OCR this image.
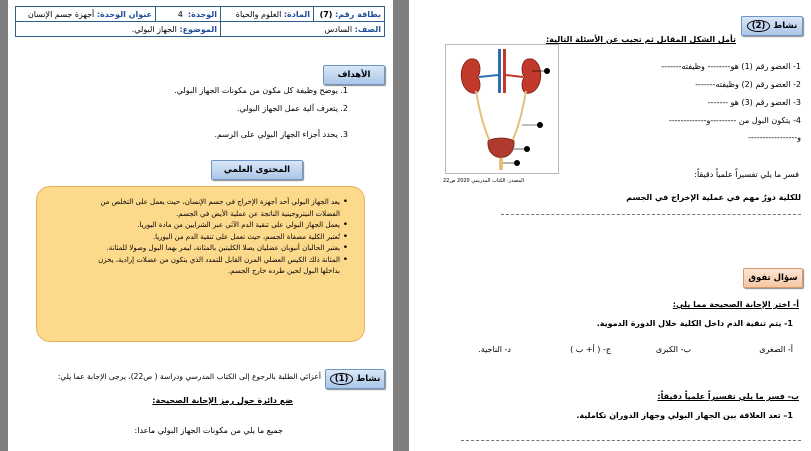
بطاقة رقم: (7)	المادة: العلوم والحياة	الوحدة:  4	عنوان الوحدة: أجهزة جسم الإنسان
الصف: السادس		الموضوع: الجهاز البولي.	
الأهداف
1. يوضح وظيفة كل مكون من مكونات الجهاز البولي.
2. يتعرف آلية عمل الجهاز البولي.
3. يحدد أجزاء الجهاز البولي على الرسم.
المحتوى العلمي
• يعد الجهاز البولي أحد أجهزة الإخراج في جسم الإنسان، حيث يعمل على التخلص من
الفضلات النيتروجينية الناتجة عن عملية الأيض في الجسم.
• يعمل الجهاز البولي على تنقية الدم الآتي عبر الشرايين من مادة اليوريا.
• تُعتبر الكلية مصفاة الجسم، حيث تعمل على تنقية الدم من اليوريا.
• يعتبر الحالبان أنبوبان عضليان يصلا الكليتين بالمثانة، ليمر بهما البول وصولا للمثانة.
• المثانة ذلك الكيس العضلي المرن القابل للتمدد الذي يتكون من عضلات إرادية، يخزن
بداخلها البول لحين طرده خارج الجسم.
نشاط

(1)
أعزائي الطلبة بالرجوع إلى الكتاب المدرسي ودراسة ( ص22)، يرجى الإجابة عما يلي:
ضع دائرة حول رمز الإجابة الصحيحة:
جميع ما يلي من مكونات الجهاز البولي ماعدا:
نشاط

(2)
تأمل الشكل المقابل ثم تجيب عن الأسئلة التالية:
1- العضو رقم (1) هو-------- وظيفته-------
2- العضو رقم (2) وظيفته-------
3- العضو رقم (3) هو -------
4- يتكون البول من ---------و-------------
و-----------------
المصدر: الكتاب المدرسي 2020 ص22
فسر ما يلي تفسيراً علمياً دقيقاً:
للكلية دورٌ مهم في عملية الإخراج في الجسم
سؤال تفوق
أ- اختر الإجابة الصحيحة مما يلي:
1- يتم تنقية الدم داخل الكلية خلال الدورة الدموية.
أ- الصغرى
ب- الكبرى
ج- ( أ+ ب )
د- الناجية.
ب- فسر ما يلي تفسيراً علمياً دقيقاً:
1– تعد العلاقة بين الجهاز البولي وجهاز الدوران تكاملية.
